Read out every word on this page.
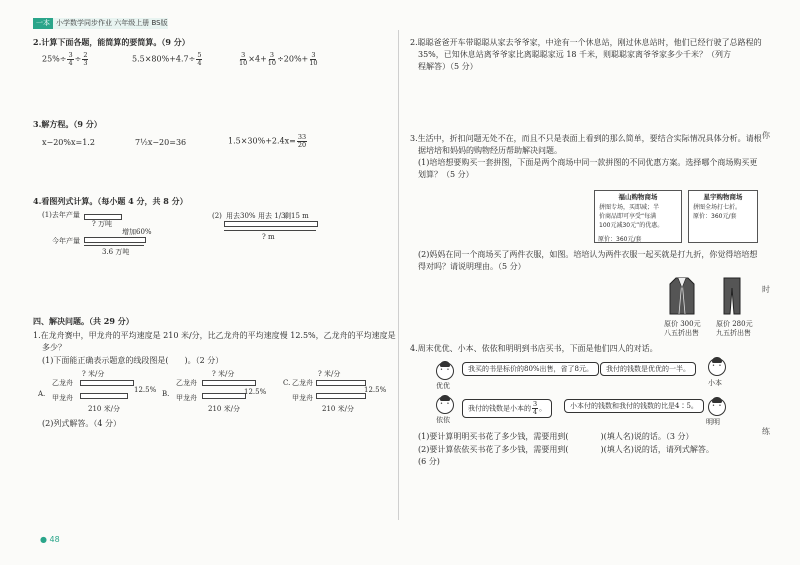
一本 小学数学同步作业 六年级上册 BS版
2.计算下面各题，能简算的要简算。（9 分）
$25\%\div \frac{3}{4} \div \frac{2}{3}$	$5.5\times 80\%+4.7\div \frac{5}{4}$	$\frac{3}{10} \times 4+ \frac{3}{10} \div 20\%+ \frac{3}{10}$
3.解方程。（9 分）
x−20%x=1.2	7½x−20=36	$1.5\times 30\%+2.4x= \frac{33}{20}$
4.看图列式计算。（每小题 4 分，共 8 分）
(1)去年产量
? 万吨
增加60%
今年产量
3.6 万吨
(2) 用去30% 用去 1/3
剩15 m
? m
四、解决问题。（共 29 分）
1.在龙舟赛中，甲龙舟的平均速度是 210 米/分，比乙龙舟的平均速度慢 12.5%，乙龙舟的平均速度是
多少？
(1)下面能正确表示题意的线段图是(　　)。（2 分）
A.
乙龙舟
? 米/分
甲龙舟
12.5%
210 米/分
B.
乙龙舟
? 米/分
甲龙舟
12.5%
210 米/分
C. 乙龙舟
? 米/分
甲龙舟
12.5%
210 米/分
(2)列式解答。（4 分）
● 48
2.聪聪爸爸开车带聪聪从家去爷爷家，中途有一个休息站，刚过休息站时，他们已经行驶了总路程的
35%，已知休息站离爷爷家比离聪聪家远 18 千米，则聪聪家离爷爷家多少千米？（列方
程解答）（5 分）
3.生活中，折扣问题无处不在，而且不只是表面上看到的那么简单，要结合实际情况具体分析。请根
据培培和妈妈的购物经历帮助解决问题。
(1)培培想要购买一套拼图，下面是两个商场中同一款拼图的不同优惠方案。选择哪个商场购买更
划算？（5 分）
福山购物商场
拼图专场，买即减；半
价商品即可享受“每满
100元减30元”的优惠。
原价：360元/套
星宇购物商场
拼图全场打七折。
原价：360元/套
(2)妈妈在同一个商场买了两件衣服，如图。培培认为两件衣服一起买就是打九折，你觉得培培想
得对吗？请说明理由。（5 分）
原价 300元
八五折出售
原价 280元
九五折出售
4.周末优优、小本、依依和明明到书店买书，下面是他们四人的对话。
• •
优优
我买的书是标价的80%出售，省了8元。	我付的钱数是优优的一半。
• •
小本
• •
依依
我付的钱数是小本的 $\frac{3}{4}$ 。	小本付的钱数和我付的钱数的比是4∶5。
• •
明明
(1)要计算明明买书花了多少钱，需要用到(　　　　)(填人名)说的话。（3 分）
(2)要计算依依买书花了多少钱，需要用到(　　　　)(填人名)说的话，请列式解答。
(6 分)
你
时
练
